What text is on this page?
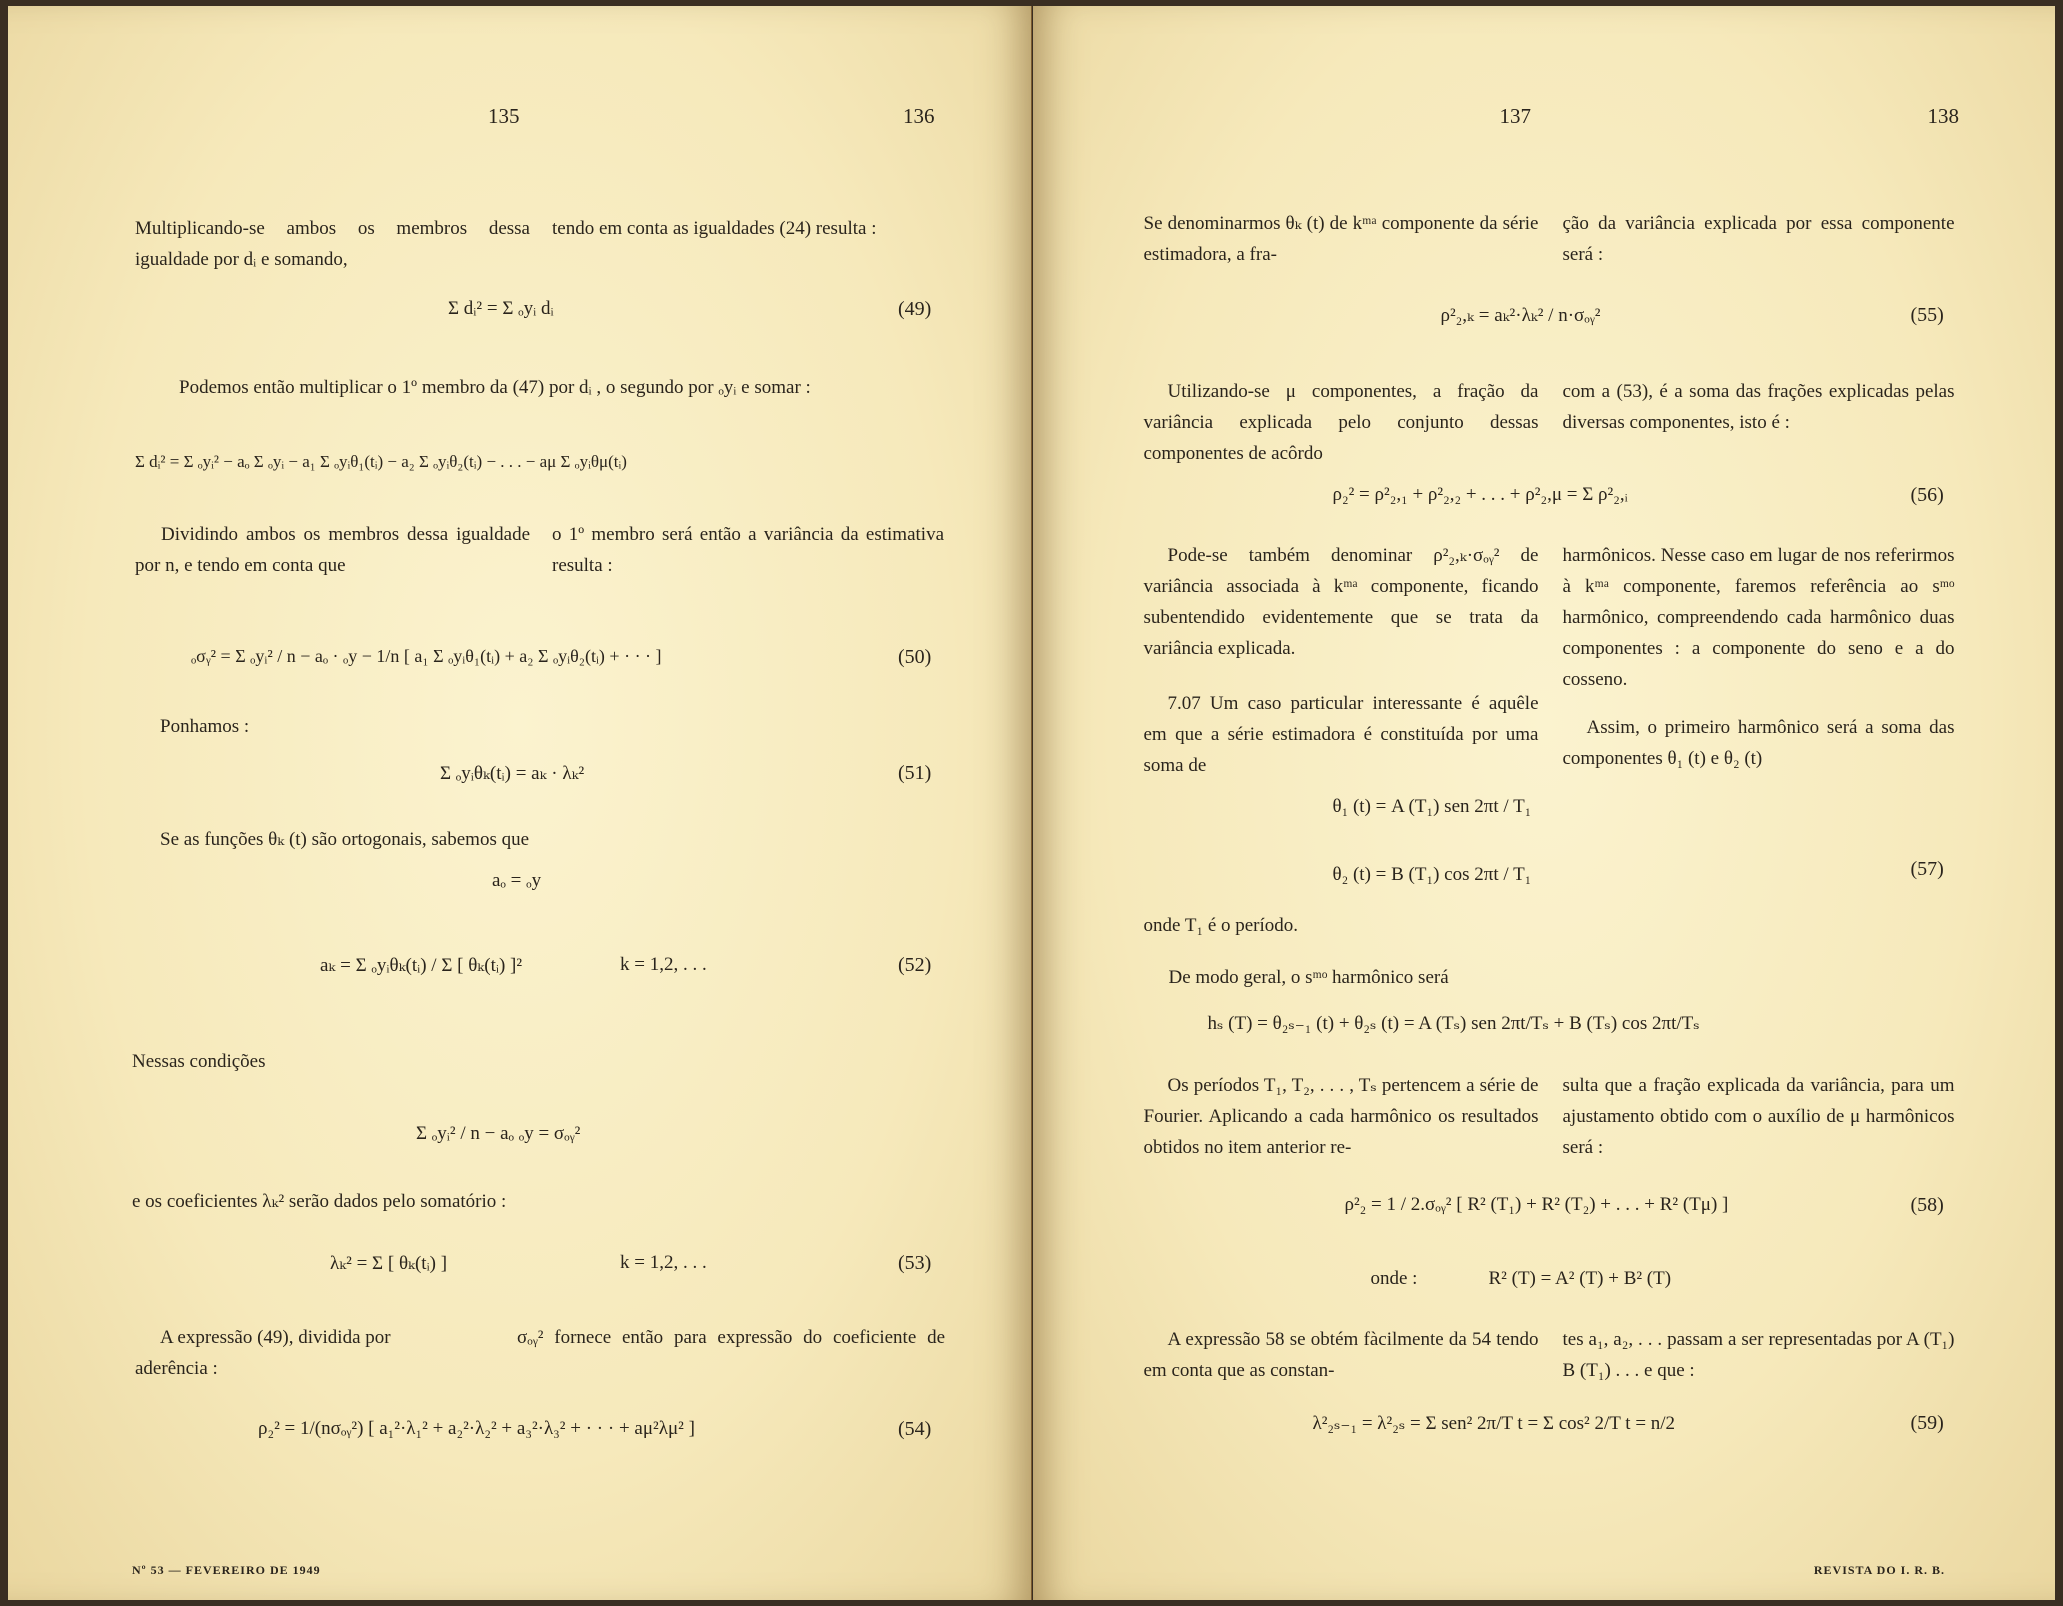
135	136
Multiplicando-se ambos os membros dessa igualdade por dᵢ e somando,
tendo em conta as igualdades (24) resulta :
Σ dᵢ² = Σ ₒyᵢ dᵢ	(49)
Podemos então multiplicar o 1º membro da (47) por dᵢ , o segundo por ₒyᵢ e somar :
Σ dᵢ² = Σ ₒyᵢ² − aₒ Σ ₒyᵢ − a₁ Σ ₒyᵢθ₁(tᵢ) − a₂ Σ ₒyᵢθ₂(tᵢ) − . . . − aμ Σ ₒyᵢθμ(tᵢ)
Dividindo ambos os membros dessa igualdade por n, e tendo em conta que
o 1º membro será então a variância da estimativa resulta :
ₒσᵧ² = Σ ₒyᵢ² / n − aₒ · ₒy − 1/n [ a₁ Σ ₒyᵢθ₁(tᵢ) + a₂ Σ ₒyᵢθ₂(tᵢ) + · · · ]	(50)
Ponhamos :
Σ ₒyᵢθₖ(tᵢ) = aₖ · λₖ²	(51)
Se as funções θₖ (t) são ortogonais, sabemos que
aₒ = ₒy
aₖ = Σ ₒyᵢθₖ(tᵢ) / Σ [ θₖ(tᵢ) ]²	k = 1,2, . . .	(52)
Nessas condições
Σ ₒyᵢ² / n − aₒ ₒy = σₒᵧ²
e os coeficientes λₖ² serão dados pelo somatório :
λₖ² = Σ [ θₖ(tᵢ) ]	k = 1,2, . . .	(53)
A expressão (49), dividida por	σₒᵧ² fornece então para expressão do coeficiente de aderência :
ρ₂² = 1/(nσₒᵧ²) [ a₁²·λ₁² + a₂²·λ₂² + a₃²·λ₃² + · · · + aμ²λμ² ]	(54)
Nº 53 — FEVEREIRO DE 1949
137	138
Se denominarmos θₖ (t) de kᵐᵃ componente da série estimadora, a fra-
ção da variância explicada por essa componente será :
ρ²₂,ₖ = aₖ²·λₖ² / n·σₒᵧ²	(55)
Utilizando-se μ componentes, a fração da variância explicada pelo conjunto dessas componentes de acôrdo
com a (53), é a soma das frações explicadas pelas diversas componentes, isto é :
ρ₂² = ρ²₂,₁ + ρ²₂,₂ + . . . + ρ²₂,μ = Σ ρ²₂,ᵢ	(56)
Pode-se também denominar ρ²₂,ₖ·σₒᵧ² de variância associada à kᵐᵃ componente, ficando subentendido evidentemente que se trata da variância explicada.
7.07 Um caso particular interessante é aquêle em que a série estimadora é constituída por uma soma de
harmônicos. Nesse caso em lugar de nos referirmos à kᵐᵃ componente, faremos referência ao sᵐᵒ harmônico, compreendendo cada harmônico duas componentes : a componente do seno e a do cosseno.
Assim, o primeiro harmônico será a soma das componentes θ₁ (t) e θ₂ (t)
θ₁ (t) = A (T₁) sen 2πt / T₁
θ₂ (t) = B (T₁) cos 2πt / T₁	(57)
onde T₁ é o período.
De modo geral, o sᵐᵒ harmônico será
hₛ (T) = θ₂ₛ₋₁ (t) + θ₂ₛ (t) = A (Tₛ) sen 2πt/Tₛ + B (Tₛ) cos 2πt/Tₛ
Os períodos T₁, T₂, . . . , Tₛ pertencem a série de Fourier. Aplicando a cada harmônico os resultados obtidos no item anterior re-
sulta que a fração explicada da variância, para um ajustamento obtido com o auxílio de μ harmônicos será :
ρ²₂ = 1 / 2.σₒᵧ² [ R² (T₁) + R² (T₂) + . . . + R² (Tμ) ]	(58)
onde :	R² (T) = A² (T) + B² (T)
A expressão 58 se obtém fàcilmente da 54 tendo em conta que as constan-
tes a₁, a₂, . . . passam a ser representadas por A (T₁) B (T₁) . . . e que :
λ²₂ₛ₋₁ = λ²₂ₛ = Σ sen² 2π/T t = Σ cos² 2/T t = n/2	(59)
REVISTA DO I. R. B.
